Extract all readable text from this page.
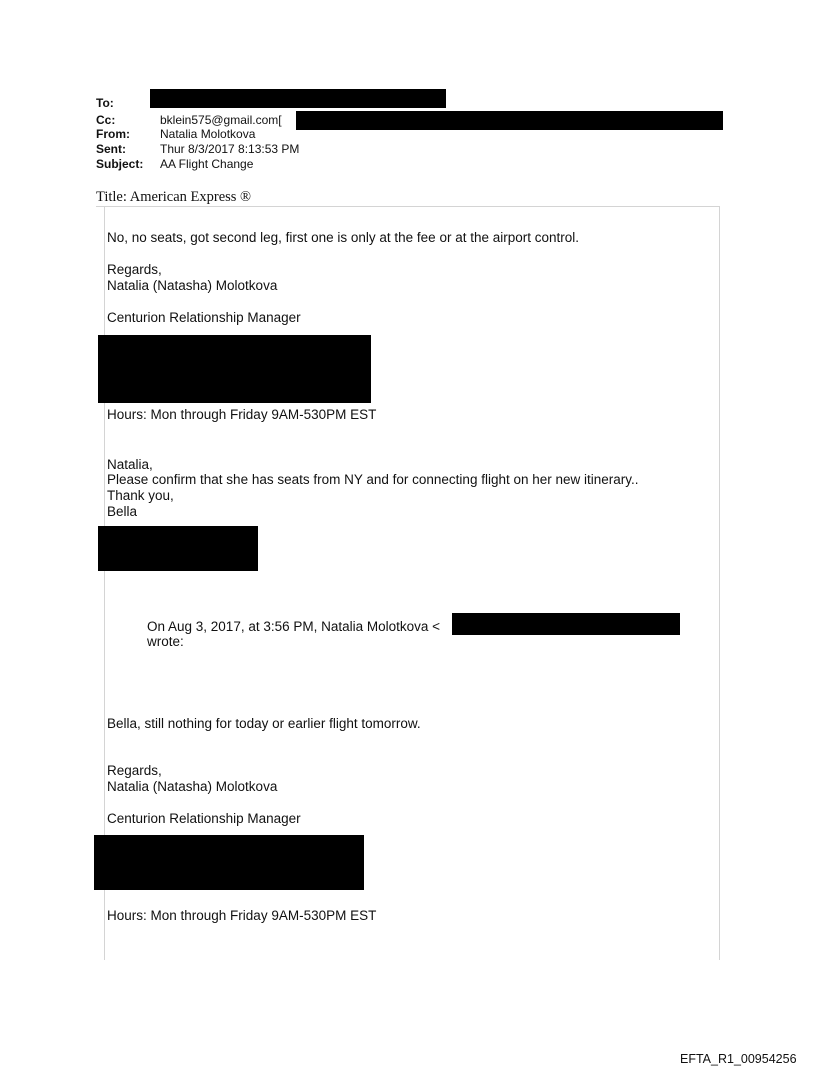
To:
Cc:	bklein575@gmail.com[
From:	Natalia Molotkova
Sent:	Thur 8/3/2017 8:13:53 PM
Subject: AA Flight Change
Title: American Express ®
No, no seats, got second leg, first one is only at the fee or at the airport control.
Regards,
Natalia (Natasha) Molotkova
Centurion Relationship Manager
Hours: Mon through Friday 9AM-530PM EST
Natalia,
Please confirm that she has seats from NY and for connecting flight on her new itinerary..
Thank you,
Bella
On Aug 3, 2017, at 3:56 PM, Natalia Molotkova <
wrote:
Bella, still nothing for today or earlier flight tomorrow.
Regards,
Natalia (Natasha) Molotkova
Centurion Relationship Manager
Hours: Mon through Friday 9AM-530PM EST
EFTA_R1_00954256
